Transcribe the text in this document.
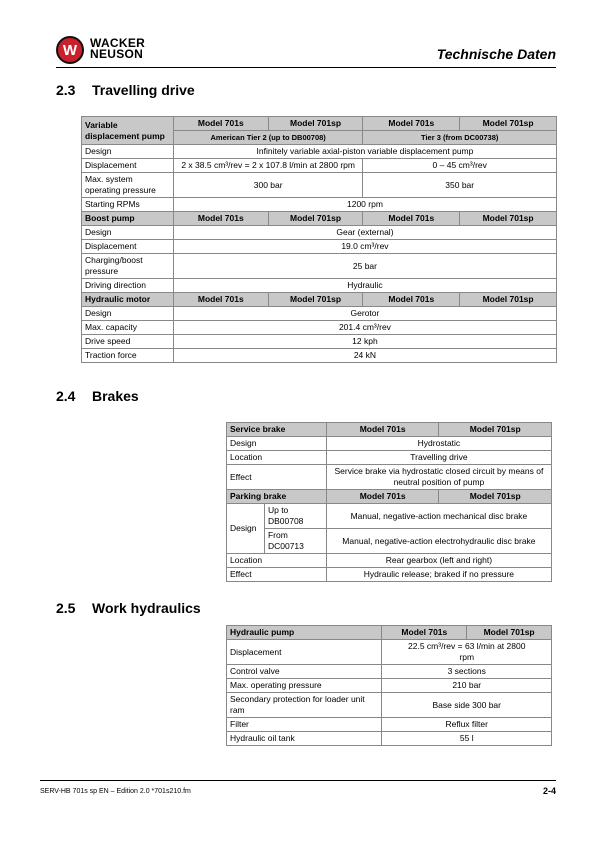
W WACKER
NEUSON	Technische Daten
2.3 Travelling drive
Variable
displacement pump	Model 701s	Model 701sp	Model 701s	Model 701sp
	American Tier 2 (up to DB00708)		Tier 3 (from DC00738)	
Design	Infinitely variable axial-piston variable displacement pump			
Displacement	2 x 38.5 cm³/rev = 2 x 107.8 l/min at 2800 rpm		0 – 45 cm³/rev	
Max. system operating pressure	300 bar		350 bar	
Starting RPMs	1200 rpm			
Boost pump	Model 701s	Model 701sp	Model 701s	Model 701sp
Design	Gear (external)			
Displacement	19.0 cm³/rev			
Charging/boost pressure	25 bar			
Driving direction	Hydraulic			
Hydraulic motor	Model 701s	Model 701sp	Model 701s	Model 701sp
Design	Gerotor			
Max. capacity	201.4 cm³/rev			
Drive speed	12 kph			
Traction force	24 kN			
2.4 Brakes
Service brake		Model 701s	Model 701sp
Design		Hydrostatic	
Location		Travelling drive	
Effect		Service brake via hydrostatic closed circuit by means of neutral position of pump	
Parking brake		Model 701s	Model 701sp
Design	Up to DB00708	Manual, negative-action mechanical disc brake	
	From DC00713	Manual, negative-action electrohydraulic disc brake	
Location		Rear gearbox (left and right)	
Effect		Hydraulic release; braked if no pressure	
2.5 Work hydraulics
Hydraulic pump	Model 701s	Model 701sp
Displacement	22.5 cm³/rev = 63 l/min at 2800 rpm	
Control valve	3 sections	
Max. operating pressure	210 bar	
Secondary protection for loader unit ram	Base side 300 bar	
Filter	Reflux filter	
Hydraulic oil tank	55 l	
SERV-HB 701s sp EN – Edition 2.0 *701s210.fm	2-4
